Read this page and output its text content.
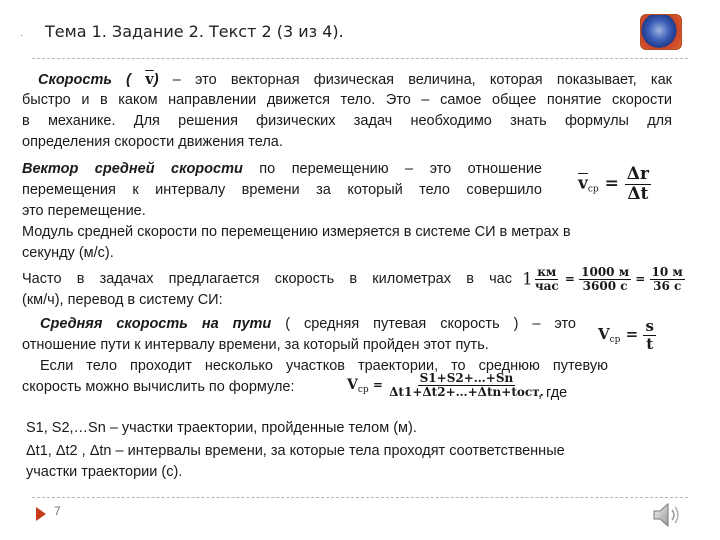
· Тема 1. Задание 2. Текст 2 (3 из 4).
Скорость ( $\overline{v}$) – это векторная физическая величина, которая показывает, как
быстро и в каком направлении движется тело. Это – самое общее понятие скорости
в механике. Для решения физических задач необходимо знать формулы для
определения скорости движения тела.
Вектор средней скорости по перемещению – это отношение
перемещения к интервалу времени за который тело совершило
это перемещение.
Модуль средней скорости по перемещению измеряется в системе СИ в метрах в
секунду (м/с).
$\overline{v}_{ср} = \frac{\Delta r}{\Delta t}$
Часто в задачах предлагается скорость в километрах в час
(км/ч), перевод в систему СИ:
$1 \frac{км}{\text{час}} = \frac{1000 м}{3600 с} = \frac{10 м}{36 с}$
Средняя скорость на пути ( средняя путевая скорость ) – это
отношение пути к интервалу времени, за который пройден этот путь.
Если тело проходит несколько участков траектории, то среднюю путевую
скорость можно вычислить по формуле:	, где
$V_{ср} = \frac{s}{t}$
$V_{ср} = \frac{S1+S2+\dots+Sn}{\text{Δt1+Δt2+…+Δtn+tост.}}$
S1, S2,…Sn – участки траектории, пройденные телом (м).
Δt1, Δt2 , Δtn – интервалы времени, за которые тела проходят соответственные
участки траектории (с).
7
